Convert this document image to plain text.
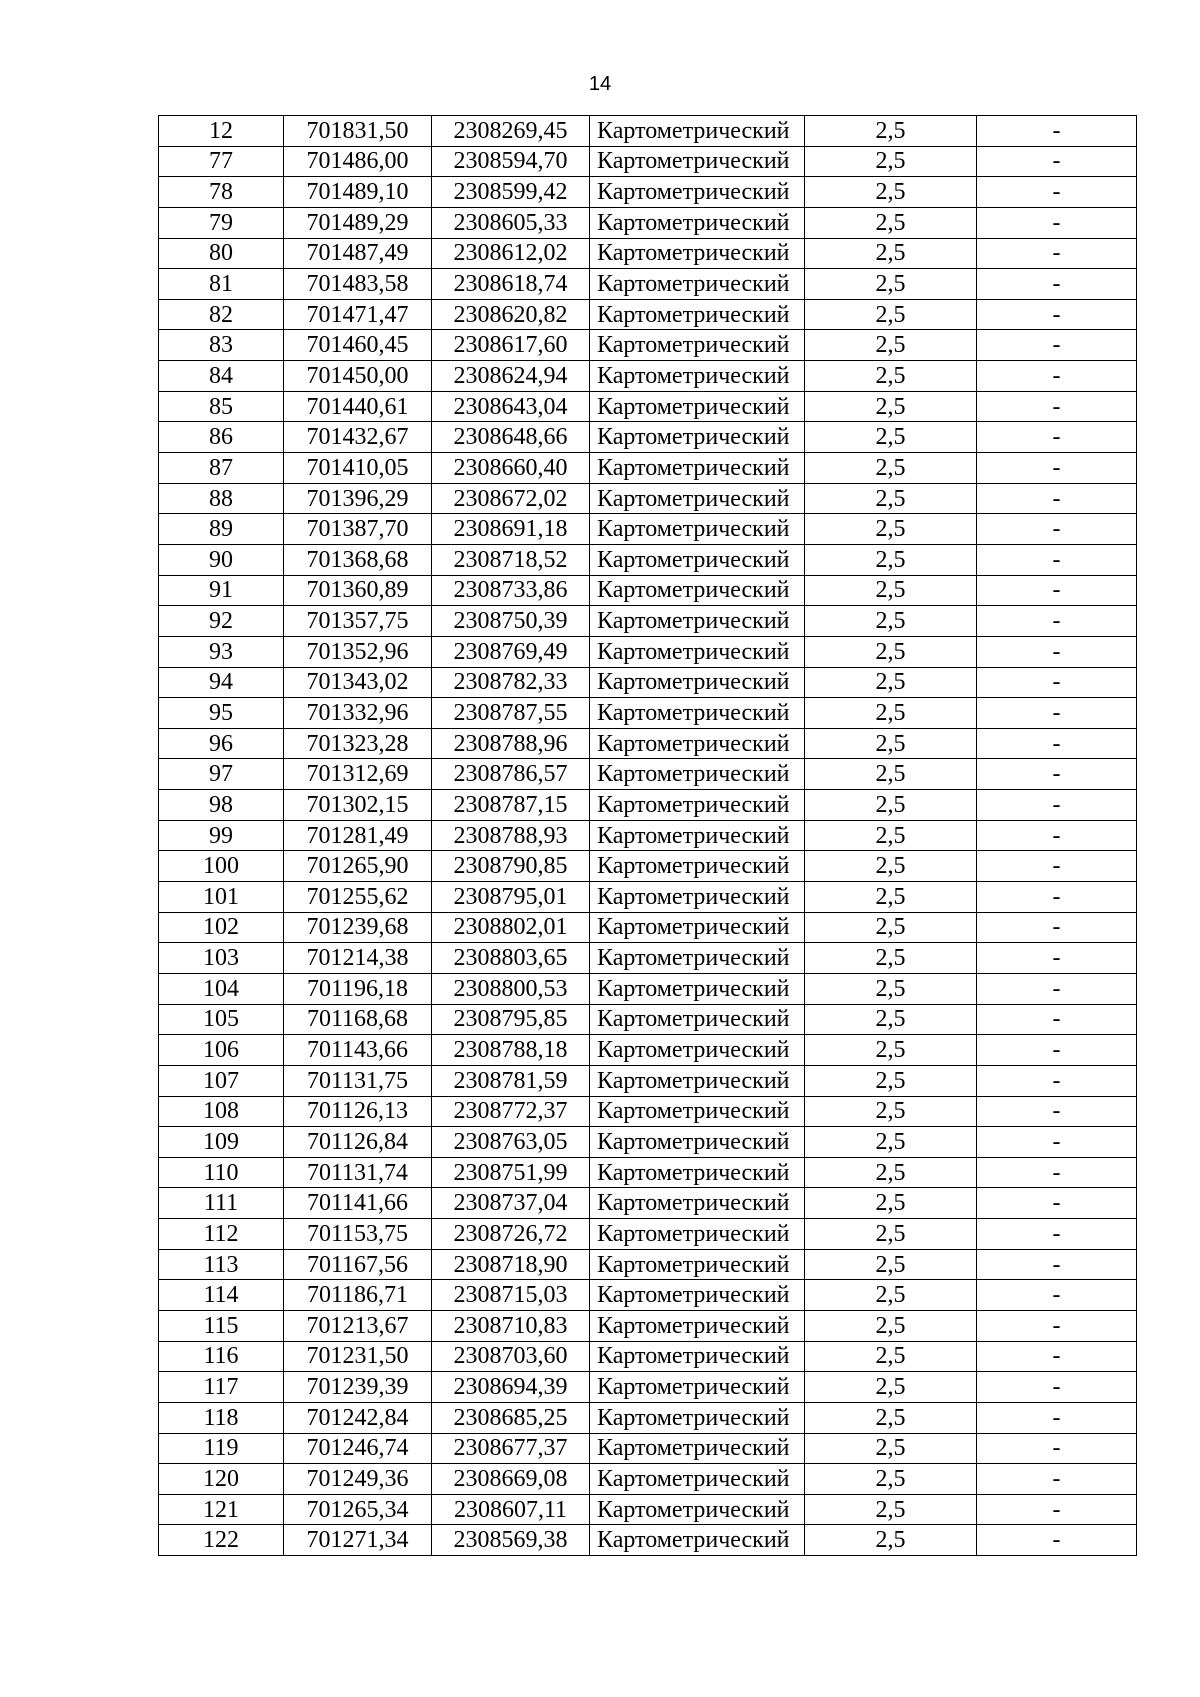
14
12	701831,50	2308269,45	Картометрический	2,5	-
77	701486,00	2308594,70	Картометрический	2,5	-
78	701489,10	2308599,42	Картометрический	2,5	-
79	701489,29	2308605,33	Картометрический	2,5	-
80	701487,49	2308612,02	Картометрический	2,5	-
81	701483,58	2308618,74	Картометрический	2,5	-
82	701471,47	2308620,82	Картометрический	2,5	-
83	701460,45	2308617,60	Картометрический	2,5	-
84	701450,00	2308624,94	Картометрический	2,5	-
85	701440,61	2308643,04	Картометрический	2,5	-
86	701432,67	2308648,66	Картометрический	2,5	-
87	701410,05	2308660,40	Картометрический	2,5	-
88	701396,29	2308672,02	Картометрический	2,5	-
89	701387,70	2308691,18	Картометрический	2,5	-
90	701368,68	2308718,52	Картометрический	2,5	-
91	701360,89	2308733,86	Картометрический	2,5	-
92	701357,75	2308750,39	Картометрический	2,5	-
93	701352,96	2308769,49	Картометрический	2,5	-
94	701343,02	2308782,33	Картометрический	2,5	-
95	701332,96	2308787,55	Картометрический	2,5	-
96	701323,28	2308788,96	Картометрический	2,5	-
97	701312,69	2308786,57	Картометрический	2,5	-
98	701302,15	2308787,15	Картометрический	2,5	-
99	701281,49	2308788,93	Картометрический	2,5	-
100	701265,90	2308790,85	Картометрический	2,5	-
101	701255,62	2308795,01	Картометрический	2,5	-
102	701239,68	2308802,01	Картометрический	2,5	-
103	701214,38	2308803,65	Картометрический	2,5	-
104	701196,18	2308800,53	Картометрический	2,5	-
105	701168,68	2308795,85	Картометрический	2,5	-
106	701143,66	2308788,18	Картометрический	2,5	-
107	701131,75	2308781,59	Картометрический	2,5	-
108	701126,13	2308772,37	Картометрический	2,5	-
109	701126,84	2308763,05	Картометрический	2,5	-
110	701131,74	2308751,99	Картометрический	2,5	-
111	701141,66	2308737,04	Картометрический	2,5	-
112	701153,75	2308726,72	Картометрический	2,5	-
113	701167,56	2308718,90	Картометрический	2,5	-
114	701186,71	2308715,03	Картометрический	2,5	-
115	701213,67	2308710,83	Картометрический	2,5	-
116	701231,50	2308703,60	Картометрический	2,5	-
117	701239,39	2308694,39	Картометрический	2,5	-
118	701242,84	2308685,25	Картометрический	2,5	-
119	701246,74	2308677,37	Картометрический	2,5	-
120	701249,36	2308669,08	Картометрический	2,5	-
121	701265,34	2308607,11	Картометрический	2,5	-
122	701271,34	2308569,38	Картометрический	2,5	-
